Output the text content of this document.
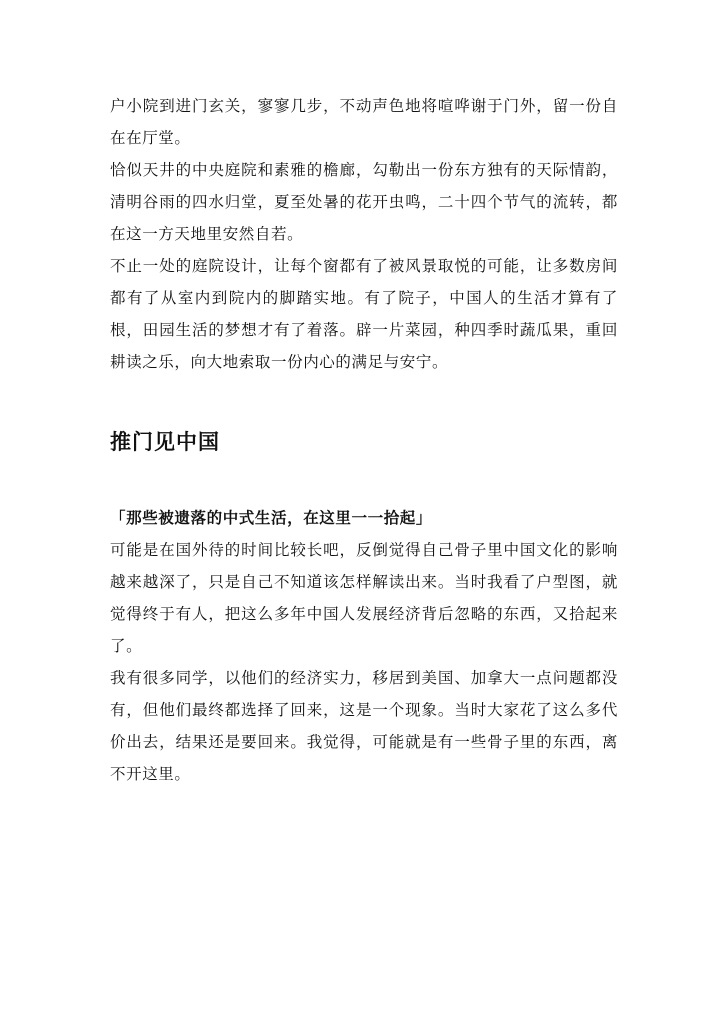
户小院到进门玄关，寥寥几步，不动声色地将喧哗谢于门外，留一份自在在厅堂。

恰似天井的中央庭院和素雅的檐廊，勾勒出一份东方独有的天际情韵，清明谷雨的四水归堂，夏至处暑的花开虫鸣，二十四个节气的流转，都在这一方天地里安然自若。

不止一处的庭院设计，让每个窗都有了被风景取悦的可能，让多数房间都有了从室内到院内的脚踏实地。有了院子，中国人的生活才算有了根，田园生活的梦想才有了着落。辟一片菜园，种四季时蔬瓜果，重回耕读之乐，向大地索取一份内心的满足与安宁。

推门见中国

「那些被遗落的中式生活，在这里一一拾起」

可能是在国外待的时间比较长吧，反倒觉得自己骨子里中国文化的影响越来越深了，只是自己不知道该怎样解读出来。当时我看了户型图，就觉得终于有人，把这么多年中国人发展经济背后忽略的东西，又拾起来了。

我有很多同学，以他们的经济实力，移居到美国、加拿大一点问题都没有，但他们最终都选择了回来，这是一个现象。当时大家花了这么多代价出去，结果还是要回来。我觉得，可能就是有一些骨子里的东西，离不开这里。
